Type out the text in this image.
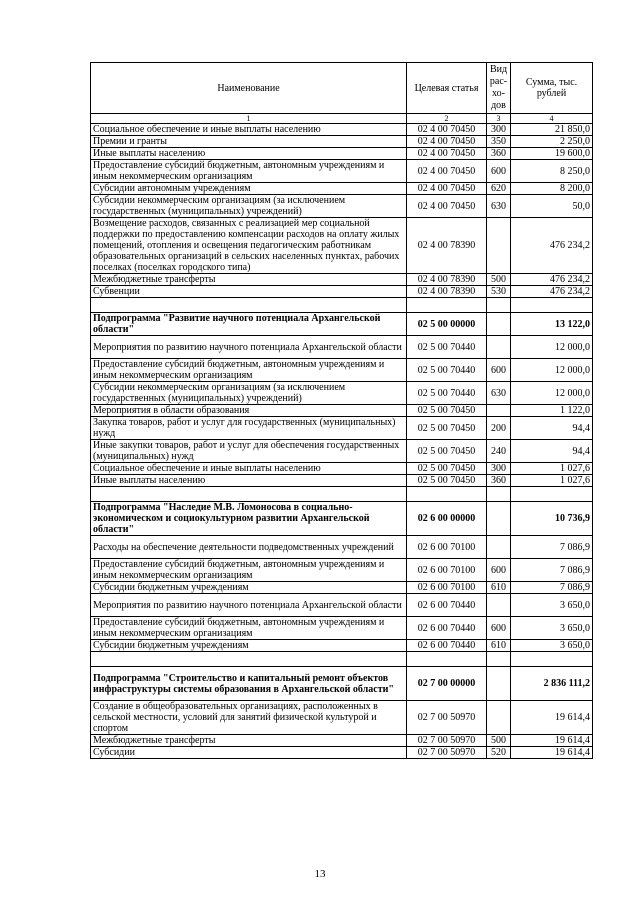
Наименование	Целевая статья	Вид рас-хо-дов	Сумма, тыс. рублей
1	2	3	4
Социальное обеспечение и иные выплаты населению	02 4 00 70450	300	21 850,0
Премии и гранты	02 4 00 70450	350	2 250,0
Иные выплаты населению	02 4 00 70450	360	19 600,0
Предоставление субсидий бюджетным, автономным учреждениям и иным некоммерческим организациям	02 4 00 70450	600	8 250,0
Субсидии автономным учреждениям	02 4 00 70450	620	8 200,0
Субсидии некоммерческим организациям (за исключением государственных (муниципальных) учреждений)	02 4 00 70450	630	50,0
Возмещение расходов, связанных с реализацией мер социальной поддержки по предоставлению компенсации расходов на оплату жилых помещений, отопления и освещения педагогическим работникам образовательных организаций в сельских населенных пунктах, рабочих поселках (поселках городского типа)	02 4 00 78390		476 234,2
Межбюджетные трансферты	02 4 00 78390	500	476 234,2
Субвенции	02 4 00 78390	530	476 234,2

Подпрограмма "Развитие научного потенциала Архангельской области"	02 5 00 00000		13 122,0
Мероприятия по развитию научного потенциала Архангельской области	02 5 00 70440		12 000,0
Предоставление субсидий бюджетным, автономным учреждениям и иным некоммерческим организациям	02 5 00 70440	600	12 000,0
Субсидии некоммерческим организациям (за исключением государственных (муниципальных) учреждений)	02 5 00 70440	630	12 000,0
Мероприятия в области образования	02 5 00 70450		1 122,0
Закупка товаров, работ и услуг для государственных (муниципальных) нужд	02 5 00 70450	200	94,4
Иные закупки товаров, работ и услуг для обеспечения государственных (муниципальных) нужд	02 5 00 70450	240	94,4
Социальное обеспечение и иные выплаты населению	02 5 00 70450	300	1 027,6
Иные выплаты населению	02 5 00 70450	360	1 027,6

Подпрограмма "Наследие М.В. Ломоносова в социально-экономическом и социокультурном развитии Архангельской области"	02 6 00 00000		10 736,9
Расходы на обеспечение деятельности подведомственных учреждений	02 6 00 70100		7 086,9
Предоставление субсидий бюджетным, автономным учреждениям и иным некоммерческим организациям	02 6 00 70100	600	7 086,9
Субсидии бюджетным учреждениям	02 6 00 70100	610	7 086,9
Мероприятия по развитию научного потенциала Архангельской области	02 6 00 70440		3 650,0
Предоставление субсидий бюджетным, автономным учреждениям и иным некоммерческим организациям	02 6 00 70440	600	3 650,0
Субсидии бюджетным учреждениям	02 6 00 70440	610	3 650,0

Подпрограмма "Строительство и капитальный ремонт объектов инфраструктуры системы образования в Архангельской области"	02 7 00 00000		2 836 111,2
Создание в общеобразовательных организациях, расположенных в сельской местности, условий для занятий физической культурой и спортом	02 7 00 50970		19 614,4
Межбюджетные трансферты	02 7 00 50970	500	19 614,4
Субсидии	02 7 00 50970	520	19 614,4
13
